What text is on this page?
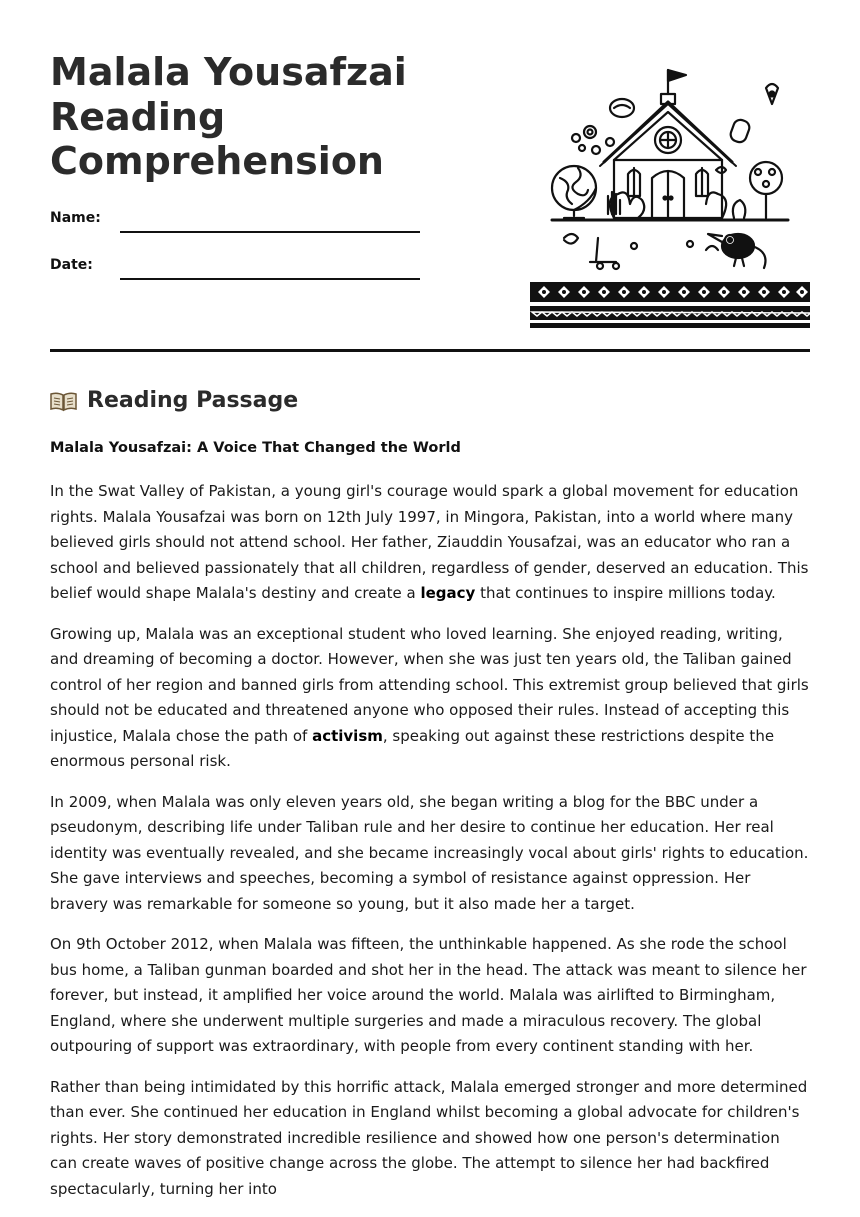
Malala Yousafzai
Reading
Comprehension
Name:
Date:
Reading Passage

Malala Yousafzai: A Voice That Changed the World

In the Swat Valley of Pakistan, a young girl's courage would spark a global movement for education rights. Malala Yousafzai was born on 12th July 1997, in Mingora, Pakistan, into a world where many believed girls should not attend school. Her father, Ziauddin Yousafzai, was an educator who ran a school and believed passionately that all children, regardless of gender, deserved an education. This belief would shape Malala's destiny and create a legacy that continues to inspire millions today.

Growing up, Malala was an exceptional student who loved learning. She enjoyed reading, writing, and dreaming of becoming a doctor. However, when she was just ten years old, the Taliban gained control of her region and banned girls from attending school. This extremist group believed that girls should not be educated and threatened anyone who opposed their rules. Instead of accepting this injustice, Malala chose the path of activism, speaking out against these restrictions despite the enormous personal risk.

In 2009, when Malala was only eleven years old, she began writing a blog for the BBC under a pseudonym, describing life under Taliban rule and her desire to continue her education. Her real identity was eventually revealed, and she became increasingly vocal about girls' rights to education. She gave interviews and speeches, becoming a symbol of resistance against oppression. Her bravery was remarkable for someone so young, but it also made her a target.

On 9th October 2012, when Malala was fifteen, the unthinkable happened. As she rode the school bus home, a Taliban gunman boarded and shot her in the head. The attack was meant to silence her forever, but instead, it amplified her voice around the world. Malala was airlifted to Birmingham, England, where she underwent multiple surgeries and made a miraculous recovery. The global outpouring of support was extraordinary, with people from every continent standing with her.

Rather than being intimidated by this horrific attack, Malala emerged stronger and more determined than ever. She continued her education in England whilst becoming a global advocate for children's rights. Her story demonstrated incredible resilience and showed how one person's determination can create waves of positive change across the globe. The attempt to silence her had backfired spectacularly, turning her into
